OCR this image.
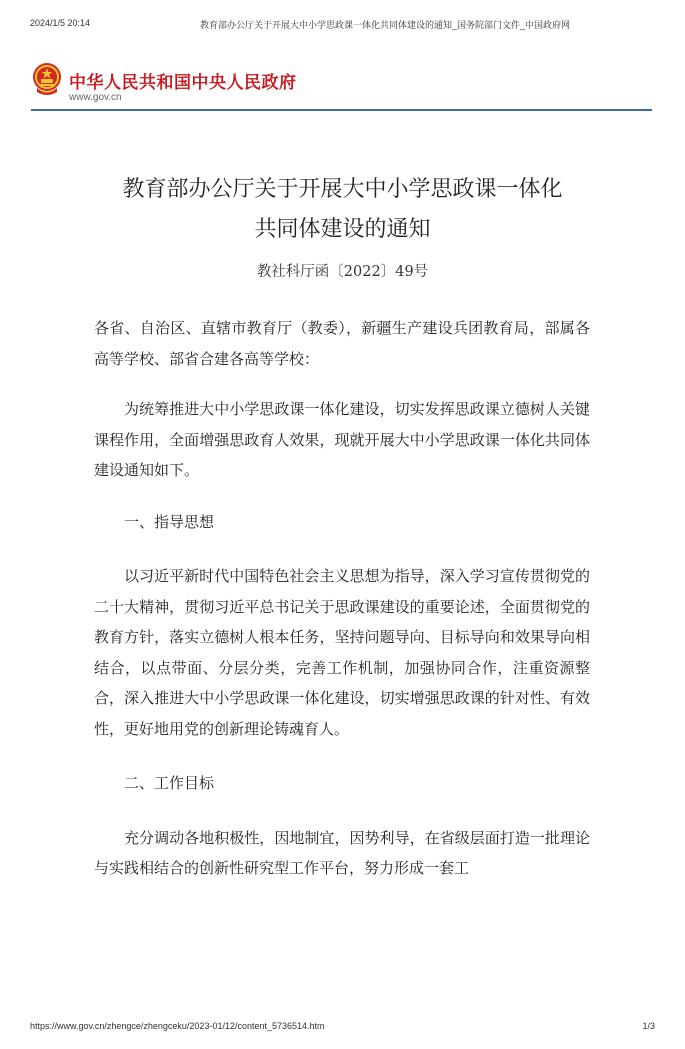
2024/1/5 20:14	教育部办公厅关于开展大中小学思政课一体化共同体建设的通知_国务院部门文件_中国政府网
中华人民共和国中央人民政府
www.gov.cn
教育部办公厅关于开展大中小学思政课一体化
共同体建设的通知
教社科厅函〔2022〕49号

各省、自治区、直辖市教育厅（教委），新疆生产建设兵团教育局，部属各高等学校、部省合建各高等学校：

为统筹推进大中小学思政课一体化建设，切实发挥思政课立德树人关键课程作用，全面增强思政育人效果，现就开展大中小学思政课一体化共同体建设通知如下。

一、指导思想

以习近平新时代中国特色社会主义思想为指导，深入学习宣传贯彻党的二十大精神，贯彻习近平总书记关于思政课建设的重要论述，全面贯彻党的教育方针，落实立德树人根本任务，坚持问题导向、目标导向和效果导向相结合，以点带面、分层分类，完善工作机制，加强协同合作，注重资源整合，深入推进大中小学思政课一体化建设，切实增强思政课的针对性、有效性，更好地用党的创新理论铸魂育人。

二、工作目标

充分调动各地积极性，因地制宜，因势利导，在省级层面打造一批理论与实践相结合的创新性研究型工作平台，努力形成一套工

https://www.gov.cn/zhengce/zhengceku/2023-01/12/content_5736514.htm	1/3
